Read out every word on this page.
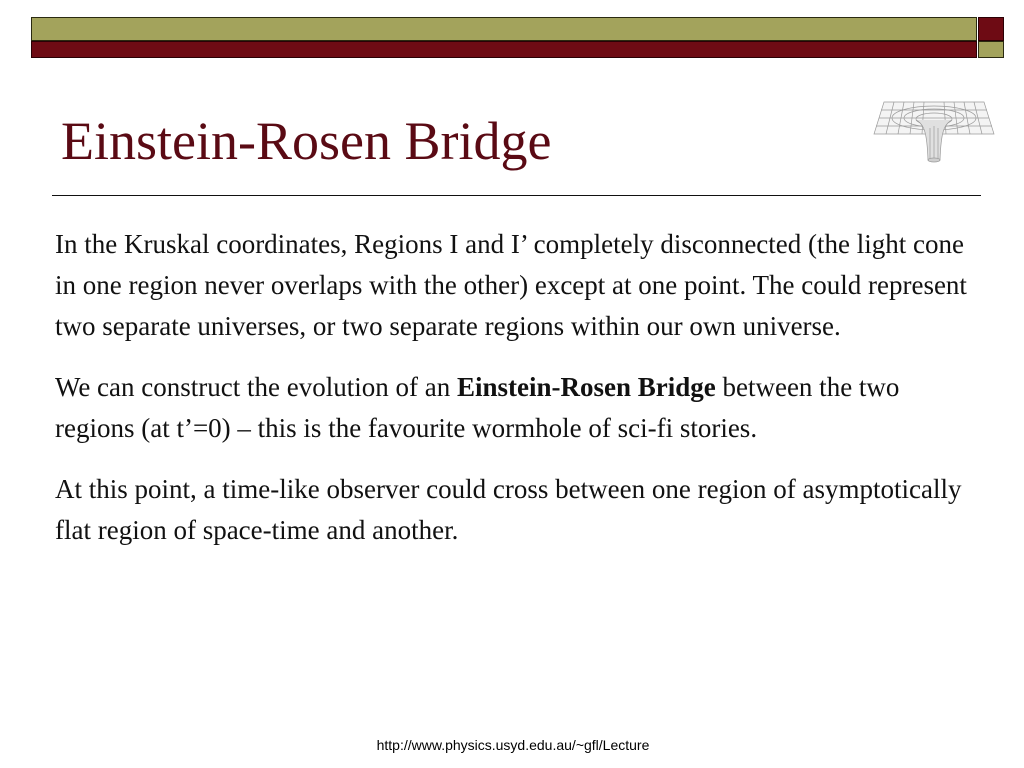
Einstein-Rosen Bridge

In the Kruskal coordinates, Regions I and I’ completely disconnected (the light cone in one region never overlaps with the other) except at one point. The could represent two separate universes, or two separate regions within our own universe.

We can construct the evolution of an Einstein-Rosen Bridge between the two regions (at t’=0) – this is the favourite wormhole of sci-fi stories.

At this point, a time-like observer could cross between one region of asymptotically flat region of space-time and another.

http://www.physics.usyd.edu.au/~gfl/Lecture
